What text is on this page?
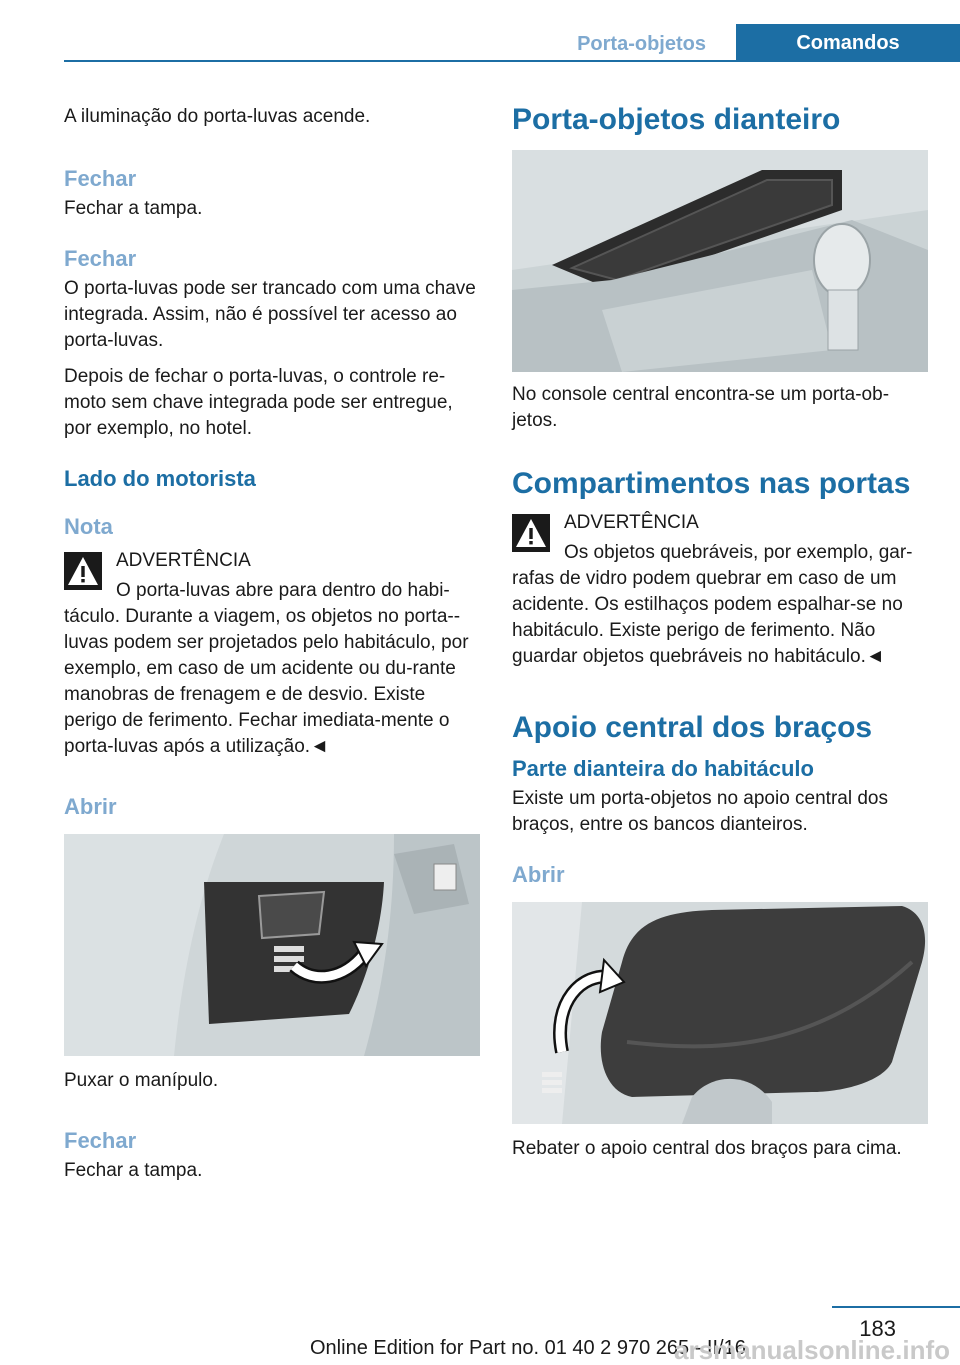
Porta-objetos	Comandos

A iluminação do porta-luvas acende.

Fechar

Fechar a tampa.

Fechar

O porta-luvas pode ser trancado com uma chave integrada. Assim, não é possível ter acesso ao porta-luvas.

Depois de fechar o porta-luvas, o controle re-moto sem chave integrada pode ser entregue, por exemplo, no hotel.

Lado do motorista
Nota

ADVERTÊNCIA

O porta-luvas abre para dentro do habi-

táculo. Durante a viagem, os objetos no porta--luvas podem ser projetados pelo habitáculo, por exemplo, em caso de um acidente ou du-rante manobras de frenagem e de desvio. Existe perigo de ferimento. Fechar imediata-mente o porta-luvas após a utilização.◄

Abrir

Puxar o manípulo.

Fechar

Fechar a tampa.

Porta-objetos dianteiro

No console central encontra-se um porta-ob-jetos.

Compartimentos nas portas

ADVERTÊNCIA

Os objetos quebráveis, por exemplo, gar-

rafas de vidro podem quebrar em caso de um acidente. Os estilhaços podem espalhar-se no habitáculo. Existe perigo de ferimento. Não guardar objetos quebráveis no habitáculo.◄

Apoio central dos braços
Parte dianteira do habitáculo

Existe um porta-objetos no apoio central dos braços, entre os bancos dianteiros.

Abrir

Rebater o apoio central dos braços para cima.

183
Online Edition for Part no. 01 40 2 970 265 - II/16
arsmanualsonline.info
